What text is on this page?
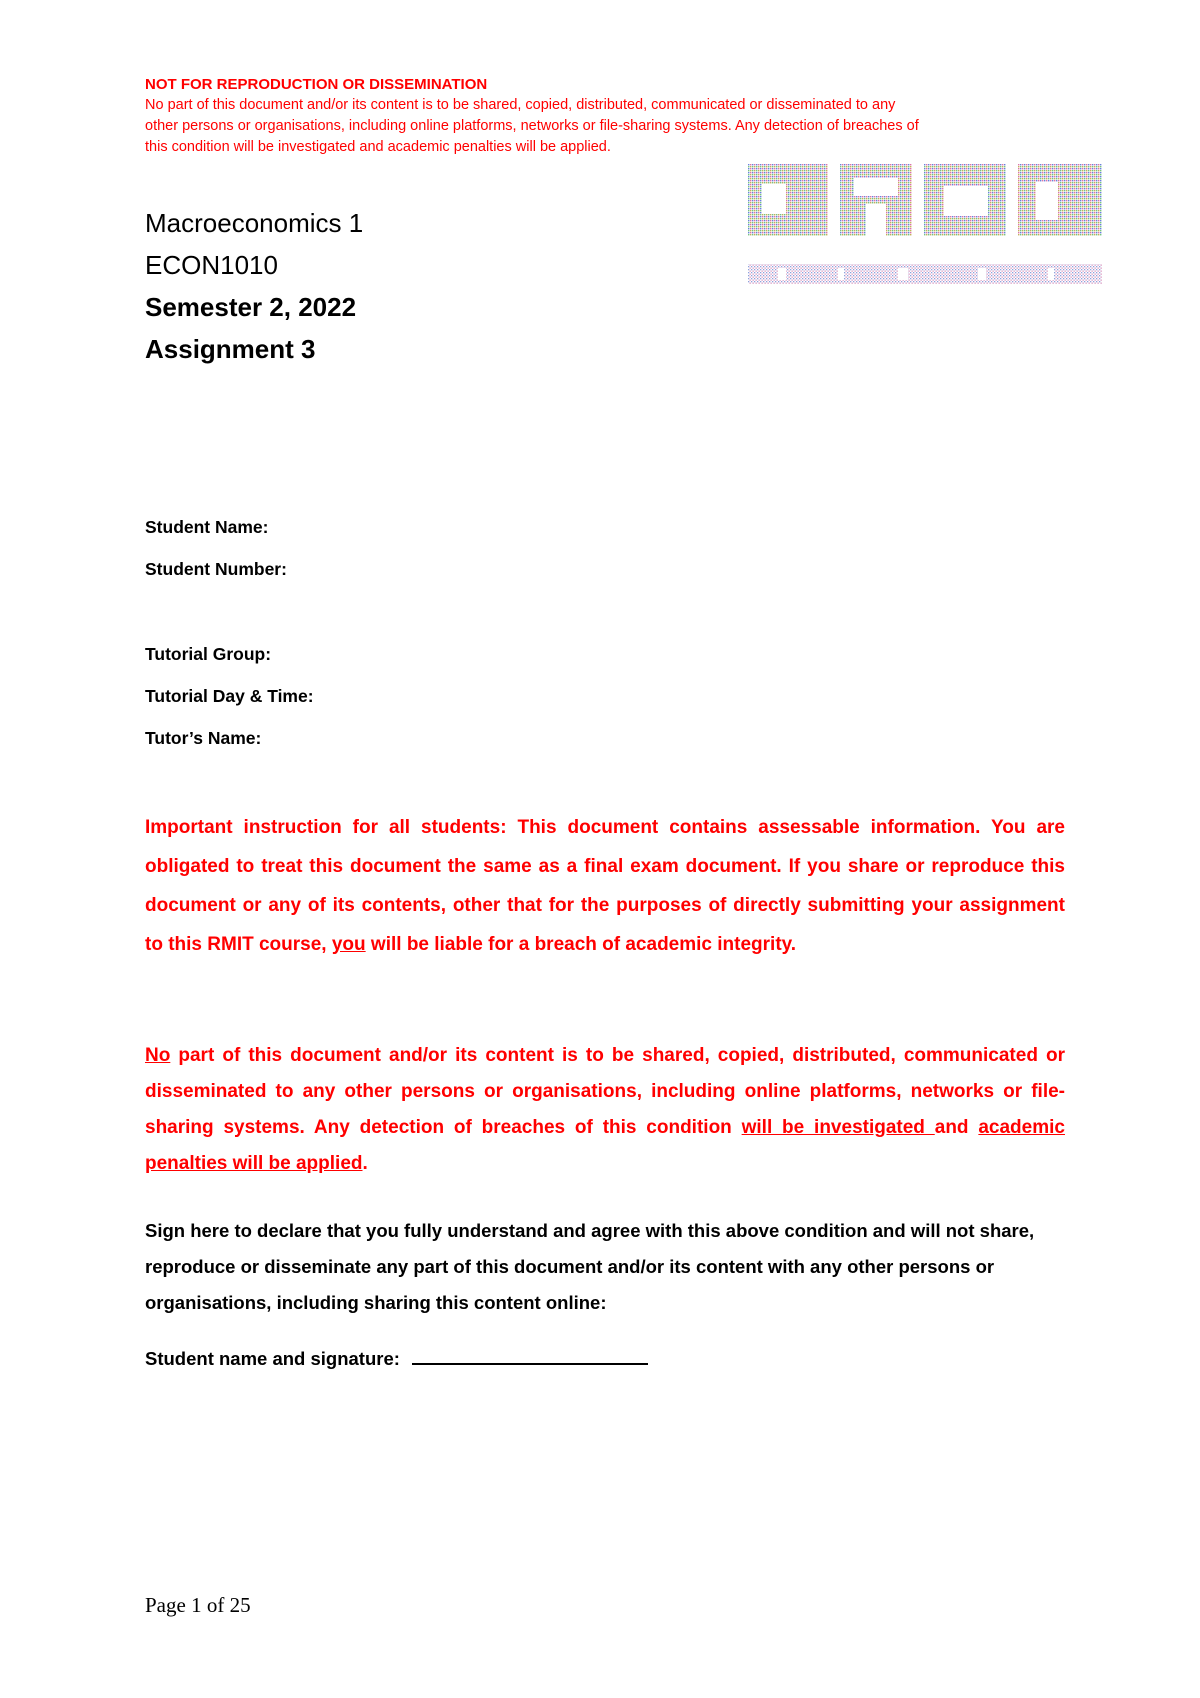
NOT FOR REPRODUCTION OR DISSEMINATION
No part of this document and/or its content is to be shared, copied, distributed, communicated or disseminated to any
other persons or organisations, including online platforms, networks or file-sharing systems. Any detection of breaches of
this condition will be investigated and academic penalties will be applied.
Macroeconomics 1
ECON1010
Semester 2, 2022
Assignment 3
Student Name:
Student Number:
Tutorial Group:
Tutorial Day & Time:
Tutor’s Name:
Important instruction for all students: This document contains assessable information. You are obligated to treat this document the same as a final exam document. If you share or reproduce this document or any of its contents, other that for the purposes of directly submitting your assignment to this RMIT course, you will be liable for a breach of academic integrity.
No part of this document and/or its content is to be shared, copied, distributed, communicated or disseminated to any other persons or organisations, including online platforms, networks or file-sharing systems. Any detection of breaches of this condition will be investigated and academic penalties will be applied.
Sign here to declare that you fully understand and agree with this above condition and will not share, reproduce or disseminate any part of this document and/or its content with any other persons or organisations, including sharing this content online:
Student name and signature:
Page 1 of 25
